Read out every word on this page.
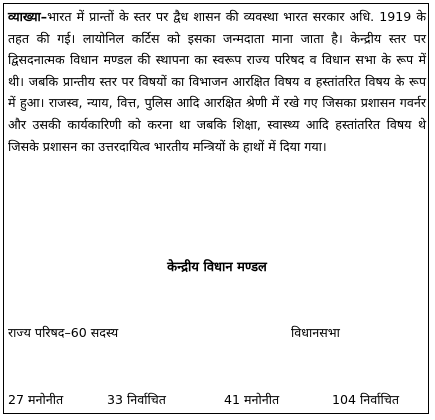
व्याख्या–भारत में प्रान्तों के स्तर पर द्वैध शासन की व्यवस्था भारत सरकार अधि. 1919 के तहत की गई। लायोनिल कर्टिस को इसका जन्मदाता माना जाता है। केन्द्रीय स्तर पर द्विसदनात्मक विधान मण्डल की स्थापना का स्वरूप राज्य परिषद व विधान सभा के रूप में थी। जबकि प्रान्तीय स्तर पर विषयों का विभाजन आरक्षित विषय व हस्तांतरित विषय के रूप में हुआ। राजस्व, न्याय, वित्त, पुलिस आदि आरक्षित श्रेणी में रखे गए जिसका प्रशासन गवर्नर और उसकी कार्यकारिणी को करना था जबकि शिक्षा, स्वास्थ्य आदि हस्तांतरित विषय थे जिसके प्रशासन का उत्तरदायित्व भारतीय मन्त्रियों के हाथों में दिया गया।

केन्द्रीय विधान मण्डल
राज्य परिषद–60 सदस्य	विधानसभा
27 मनोनीत	33 निर्वाचित	41 मनोनीत	104 निर्वाचित
